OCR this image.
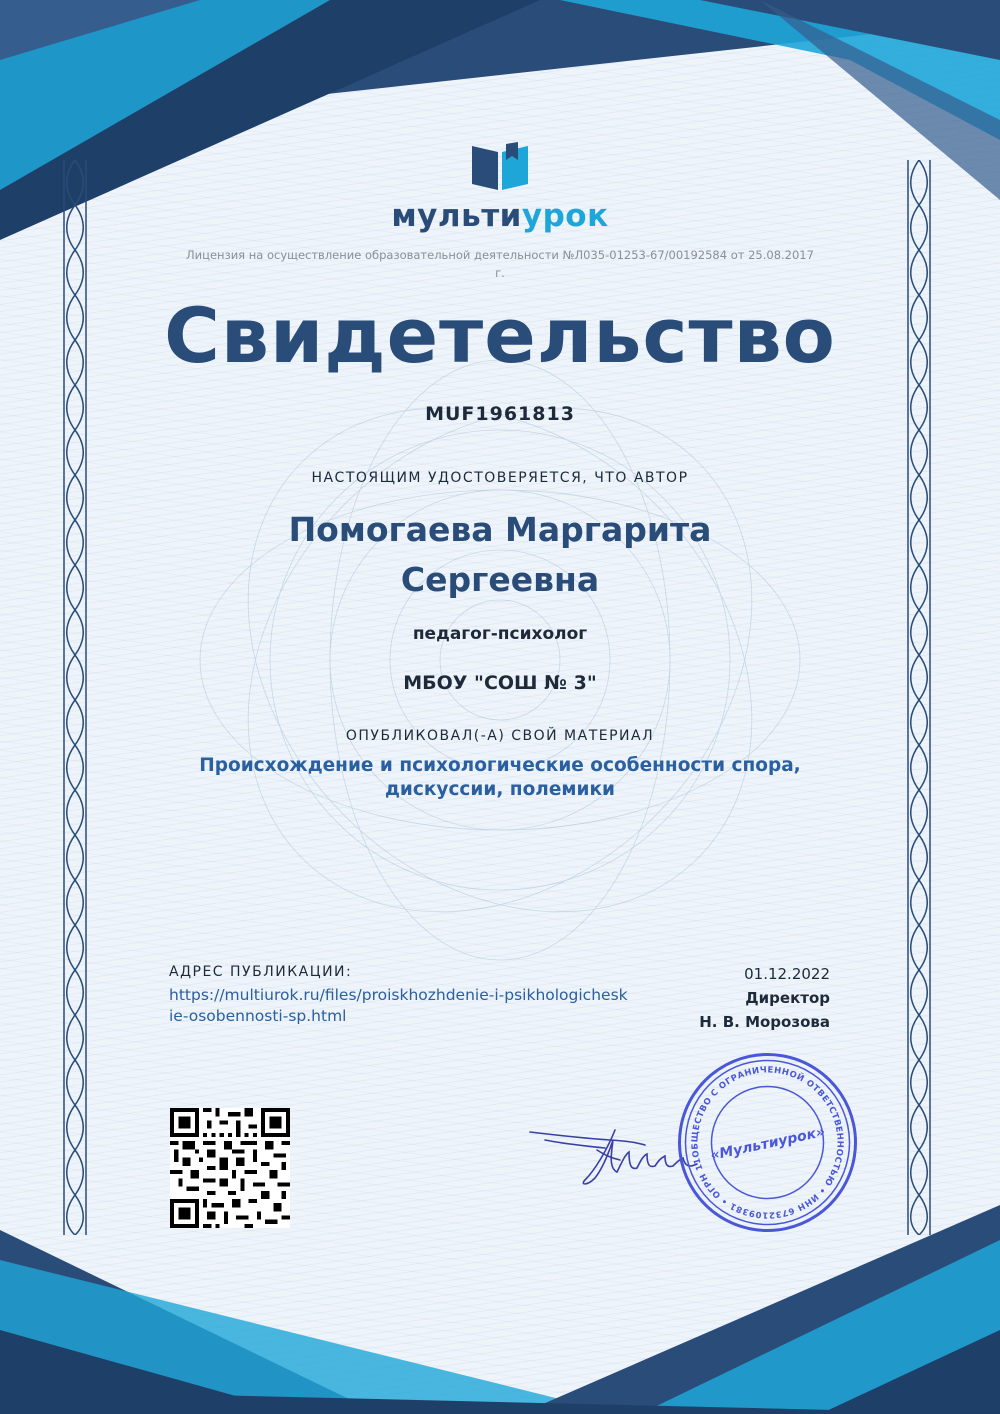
мультиурок
Лицензия на осуществление образовательной деятельности №Л035-01253-67/00192584 от 25.08.2017 г.
Свидетельство
MUF1961813
НАСТОЯЩИМ УДОСТОВЕРЯЕТСЯ, ЧТО АВТОР
Помогаева Маргарита Сергеевна
педагог-психолог
МБОУ "СОШ № 3"
ОПУБЛИКОВАЛ(-А) СВОЙ МАТЕРИАЛ
Происхождение и психологические особенности спора, дискуссии, полемики
АДРЕС ПУБЛИКАЦИИ:
https://multiurok.ru/files/proiskhozhdenie-i-psikhologicheskie-osobennosti-sp.html
01.12.2022
Директор
Н. В. Морозова
ОБЩЕСТВО С ОГРАНИЧЕННОЙ ОТВЕТСТВЕННОСТЬЮ • ИНН 6732109381 • ОГРН 1156733012732
«Мультиурок»
